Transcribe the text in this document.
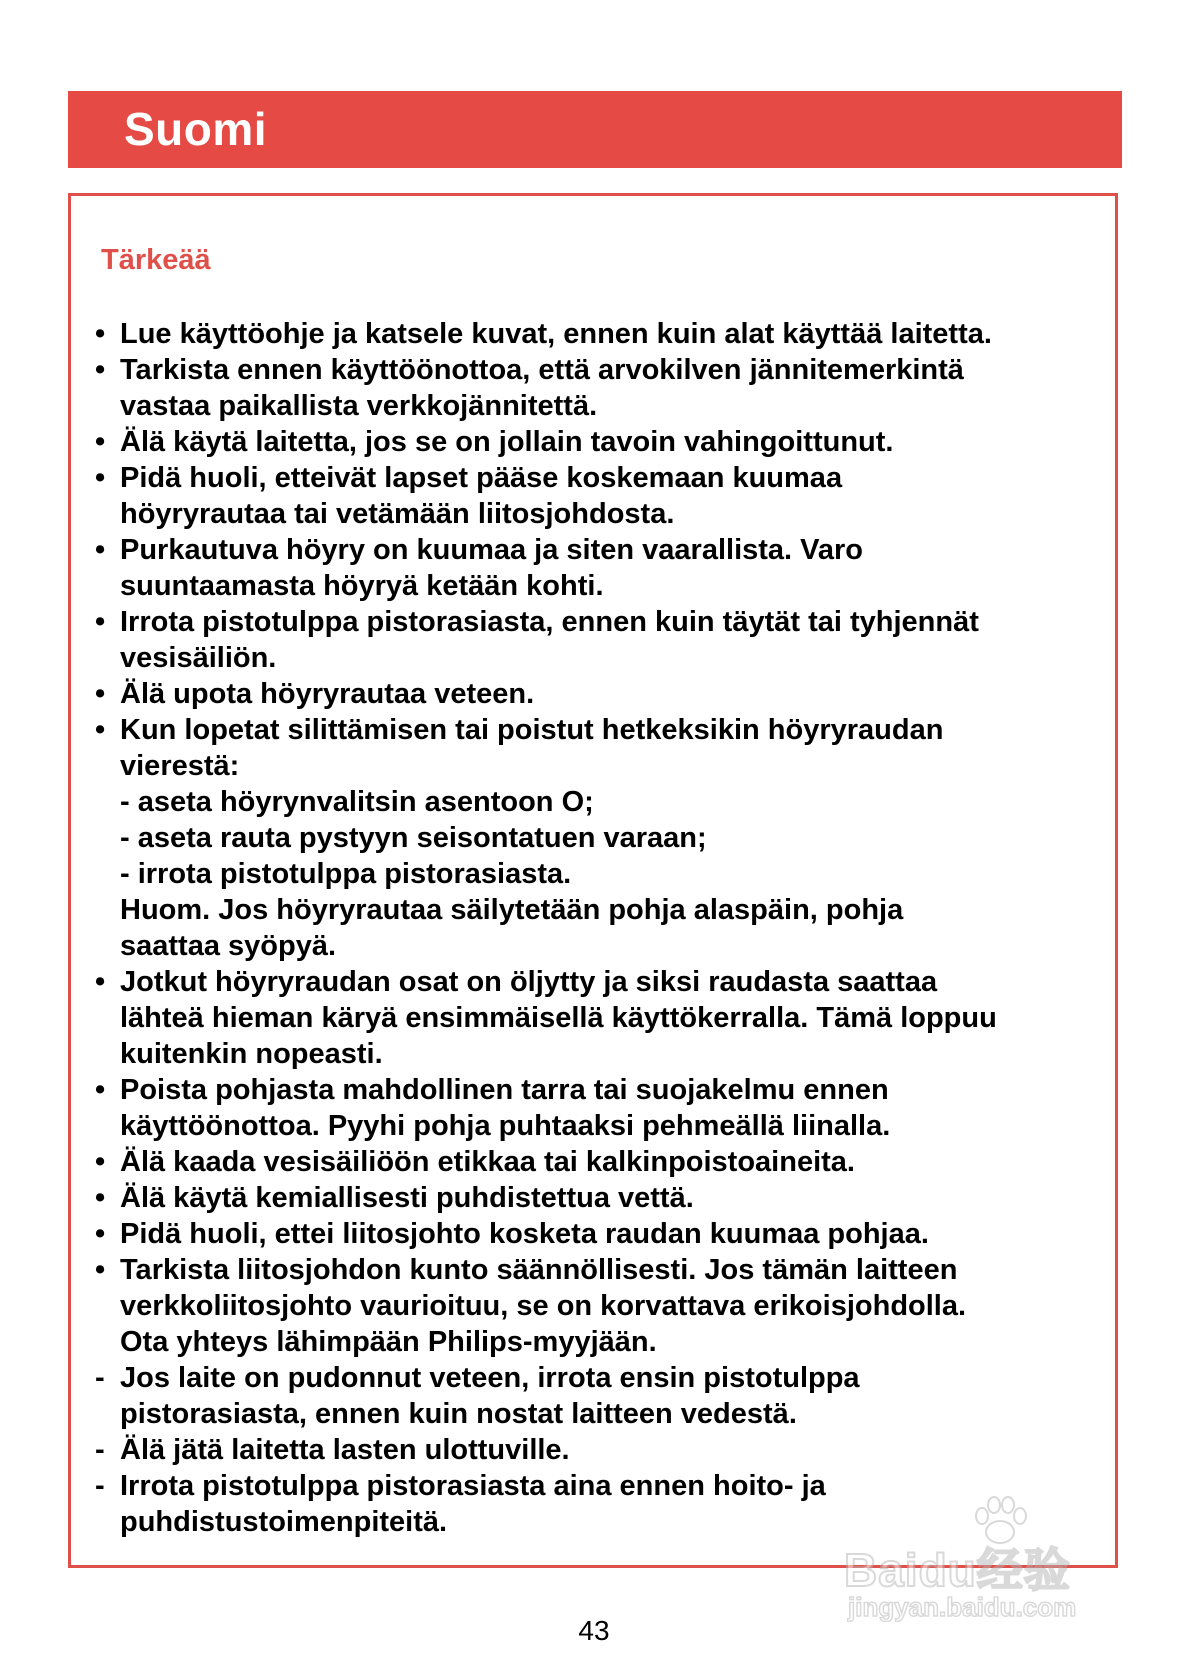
Suomi
Tärkeää
• Lue käyttöohje ja katsele kuvat, ennen kuin alat käyttää laitetta.
• Tarkista ennen käyttöönottoa, että arvokilven jännitemerkintä
vastaa paikallista verkkojännitettä.
• Älä käytä laitetta, jos se on jollain tavoin vahingoittunut.
• Pidä huoli, etteivät lapset pääse koskemaan kuumaa
höyryrautaa tai vetämään liitosjohdosta.
• Purkautuva höyry on kuumaa ja siten vaarallista. Varo
suuntaamasta höyryä ketään kohti.
• Irrota pistotulppa pistorasiasta, ennen kuin täytät tai tyhjennät
vesisäiliön.
• Älä upota höyryrautaa veteen.
• Kun lopetat silittämisen tai poistut hetkeksikin höyryraudan
vierestä:
- aseta höyrynvalitsin asentoon O;
- aseta rauta pystyyn seisontatuen varaan;
- irrota pistotulppa pistorasiasta.
Huom. Jos höyryrautaa säilytetään pohja alaspäin, pohja
saattaa syöpyä.
• Jotkut höyryraudan osat on öljytty ja siksi raudasta saattaa
lähteä hieman käryä ensimmäisellä käyttökerralla. Tämä loppuu
kuitenkin nopeasti.
• Poista pohjasta mahdollinen tarra tai suojakelmu ennen
käyttöönottoa. Pyyhi pohja puhtaaksi pehmeällä liinalla.
• Älä kaada vesisäiliöön etikkaa tai kalkinpoistoaineita.
• Älä käytä kemiallisesti puhdistettua vettä.
• Pidä huoli, ettei liitosjohto kosketa raudan kuumaa pohjaa.
• Tarkista liitosjohdon kunto säännöllisesti. Jos tämän laitteen
verkkoliitosjohto vaurioituu, se on korvattava erikoisjohdolla.
Ota yhteys lähimpään Philips-myyjään.
- Jos laite on pudonnut veteen, irrota ensin pistotulppa
pistorasiasta, ennen kuin nostat laitteen vedestä.
- Älä jätä laitetta lasten ulottuville.
- Irrota pistotulppa pistorasiasta aina ennen hoito- ja
puhdistustoimenpiteitä.
43
Baidu经验
jingyan.baidu.com
